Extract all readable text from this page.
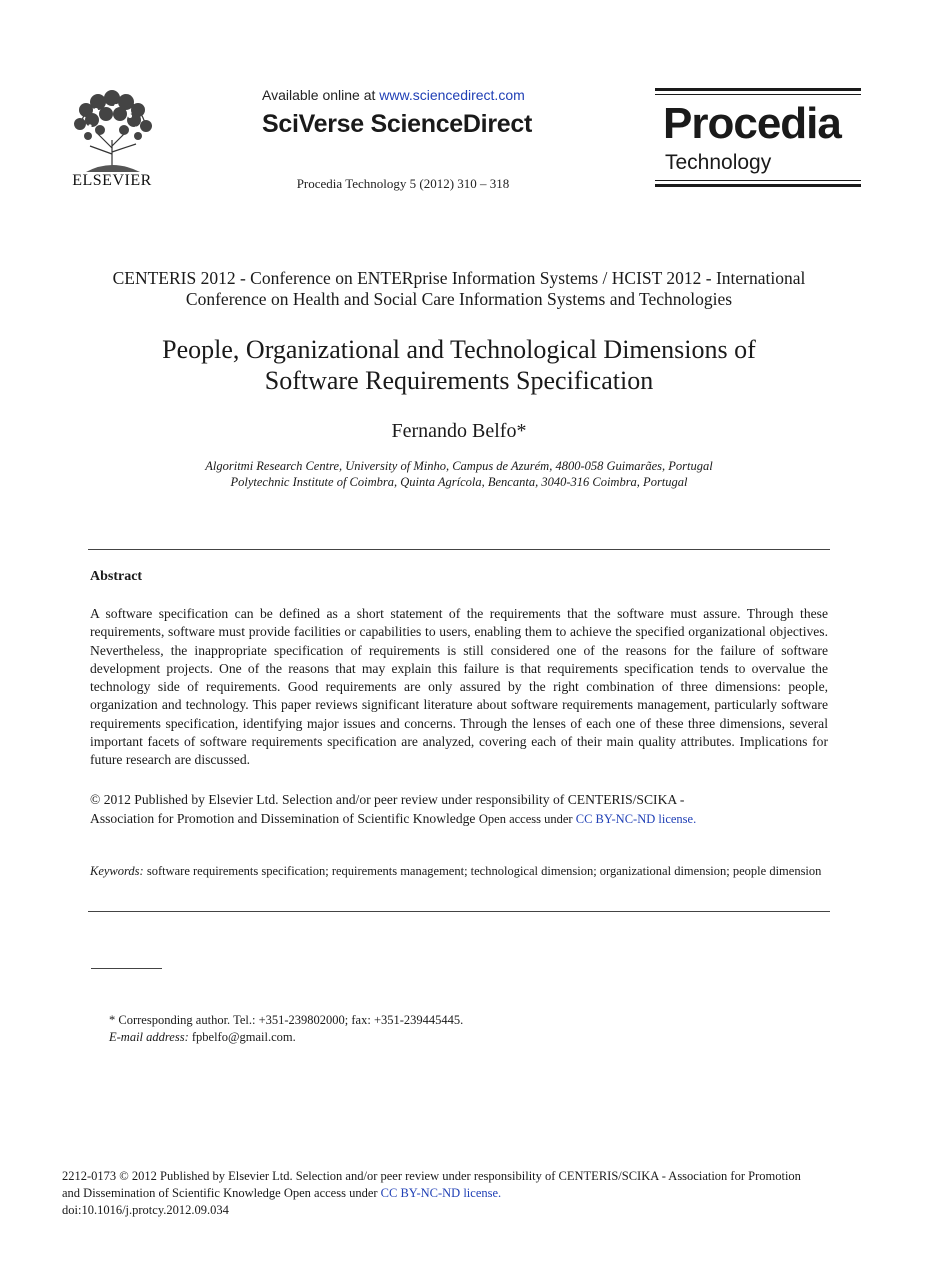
ELSEVIER
Available online at www.sciencedirect.com
SciVerse ScienceDirect
Procedia Technology 5 (2012) 310 – 318
Procedia
Technology
CENTERIS 2012 - Conference on ENTERprise Information Systems / HCIST 2012 - International
Conference on Health and Social Care Information Systems and Technologies
People, Organizational and Technological Dimensions of
Software Requirements Specification
Fernando Belfo*
Algoritmi Research Centre, University of Minho, Campus de Azurém, 4800-058 Guimarães, Portugal
Polytechnic Institute of Coimbra, Quinta Agrícola, Bencanta, 3040-316 Coimbra, Portugal
Abstract

A software specification can be defined as a short statement of the requirements that the software must assure. Through these requirements, software must provide facilities or capabilities to users, enabling them to achieve the specified organizational objectives. Nevertheless, the inappropriate specification of requirements is still considered one of the reasons for the failure of software development projects. One of the reasons that may explain this failure is that requirements specification tends to overvalue the technology side of requirements. Good requirements are only assured by the right combination of three dimensions: people, organization and technology. This paper reviews significant literature about software requirements management, particularly software requirements specification, identifying major issues and concerns. Through the lenses of each one of these three dimensions, several important facets of software requirements specification are analyzed, covering each of their main quality attributes. Implications for future research are discussed.

© 2012 Published by Elsevier Ltd. Selection and/or peer review under responsibility of CENTERIS/SCIKA -
Association for Promotion and Dissemination of Scientific Knowledge Open access under CC BY-NC-ND license.
Keywords: software requirements specification; requirements management; technological dimension; organizational dimension; people dimension
* Corresponding author. Tel.: +351-239802000; fax: +351-239445445.
E-mail address: fpbelfo@gmail.com.
2212-0173 © 2012 Published by Elsevier Ltd. Selection and/or peer review under responsibility of CENTERIS/SCIKA - Association for Promotion
and Dissemination of Scientific Knowledge Open access under CC BY-NC-ND license.
doi:10.1016/j.protcy.2012.09.034
